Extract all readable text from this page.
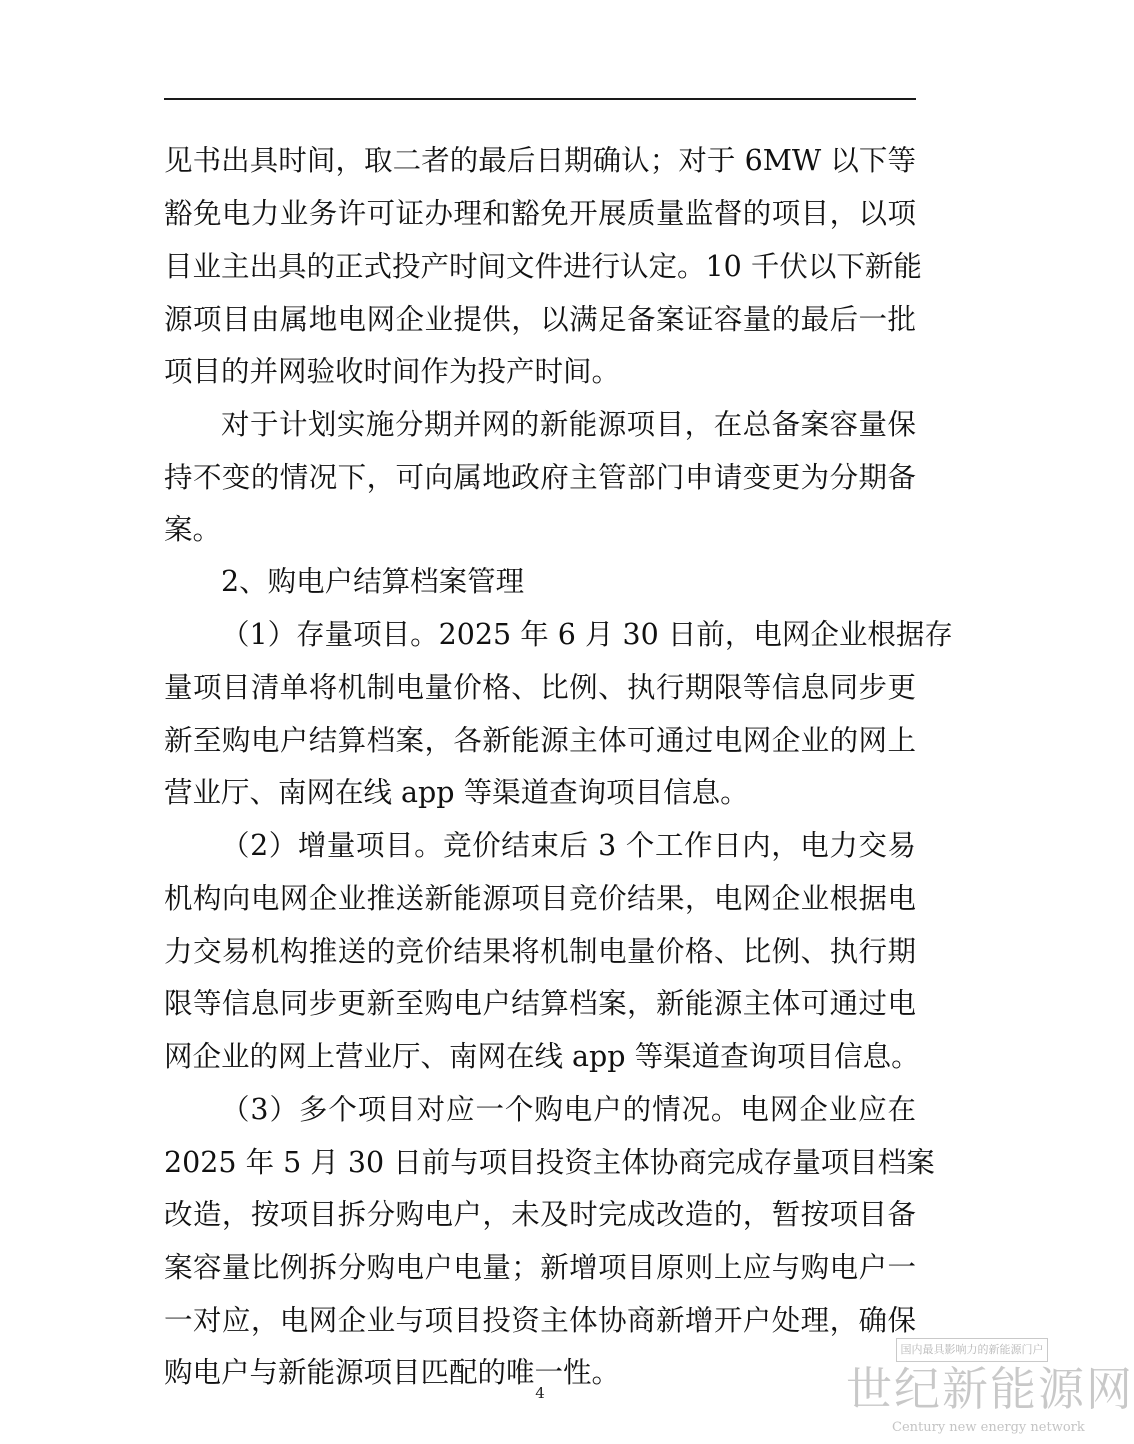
见书出具时间，取二者的最后日期确认；对于 6MW 以下等
豁免电力业务许可证办理和豁免开展质量监督的项目，以项
目业主出具的正式投产时间文件进行认定。10 千伏以下新能
源项目由属地电网企业提供，以满足备案证容量的最后一批
项目的并网验收时间作为投产时间。
对于计划实施分期并网的新能源项目，在总备案容量保
持不变的情况下，可向属地政府主管部门申请变更为分期备
案。
2、购电户结算档案管理
（1）存量项目。2025 年 6 月 30 日前，电网企业根据存
量项目清单将机制电量价格、比例、执行期限等信息同步更
新至购电户结算档案，各新能源主体可通过电网企业的网上
营业厅、南网在线 app 等渠道查询项目信息。
（2）增量项目。竞价结束后 3 个工作日内，电力交易
机构向电网企业推送新能源项目竞价结果，电网企业根据电
力交易机构推送的竞价结果将机制电量价格、比例、执行期
限等信息同步更新至购电户结算档案，新能源主体可通过电
网企业的网上营业厅、南网在线 app 等渠道查询项目信息。
（3）多个项目对应一个购电户的情况。电网企业应在
2025 年 5 月 30 日前与项目投资主体协商完成存量项目档案
改造，按项目拆分购电户，未及时完成改造的，暂按项目备
案容量比例拆分购电户电量；新增项目原则上应与购电户一
一对应，电网企业与项目投资主体协商新增开户处理，确保
购电户与新能源项目匹配的唯一性。
4
国内最具影响力的新能源门户
世纪新能源网
Century new energy network
